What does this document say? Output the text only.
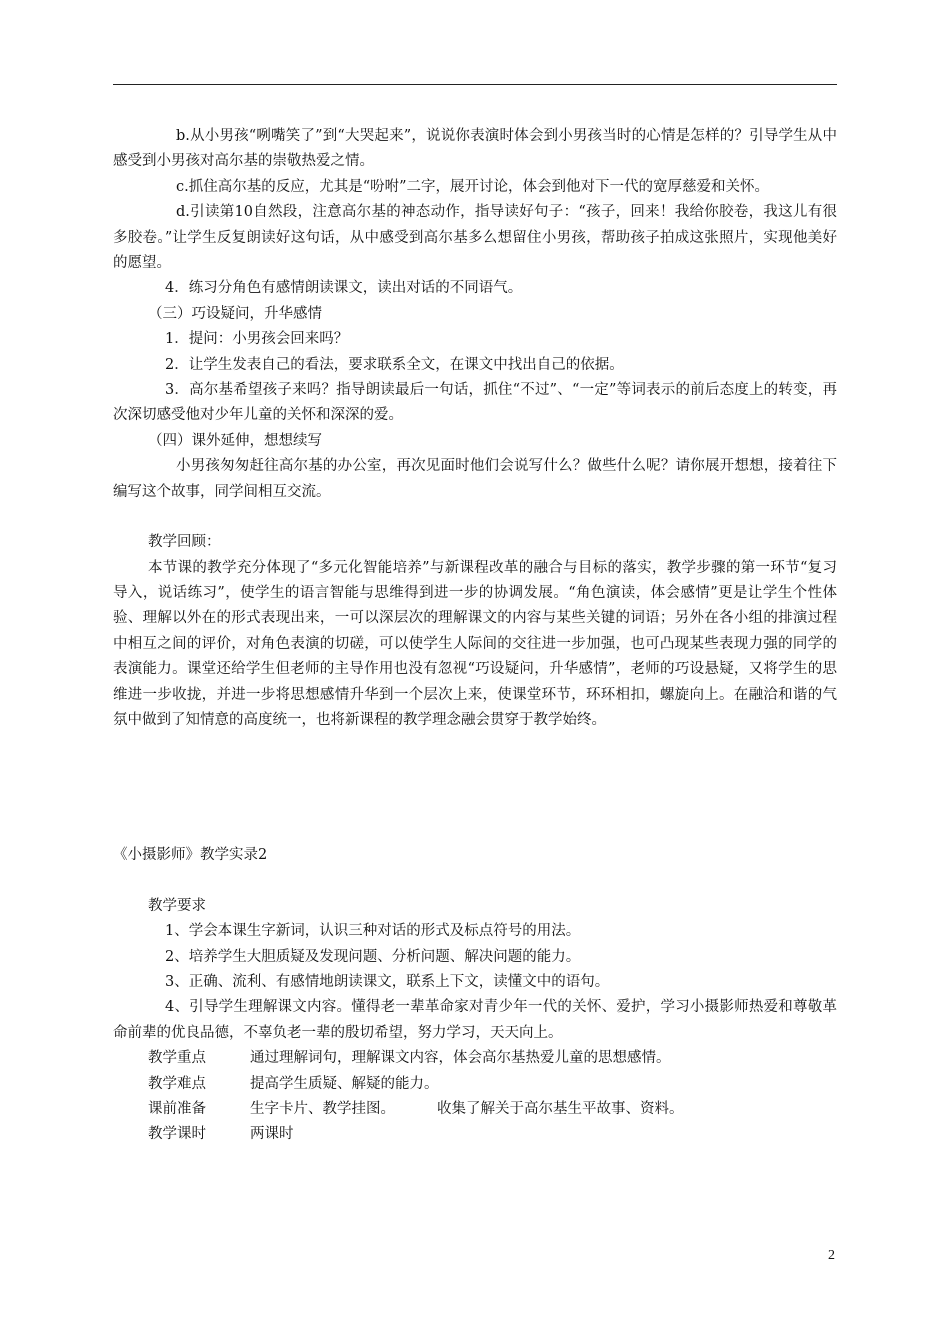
b.从小男孩“咧嘴笑了”到“大哭起来”，说说你表演时体会到小男孩当时的心情是怎样的？引导学生从中感受到小男孩对高尔基的崇敬热爱之情。

c.抓住高尔基的反应，尤其是“吩咐”二字，展开讨论，体会到他对下一代的宽厚慈爱和关怀。

d.引读第10自然段，注意高尔基的神态动作，指导读好句子：“孩子，回来！我给你胶卷，我这儿有很多胶卷。”让学生反复朗读好这句话，从中感受到高尔基多么想留住小男孩，帮助孩子拍成这张照片，实现他美好的愿望。

4．练习分角色有感情朗读课文，读出对话的不同语气。

（三）巧设疑问，升华感情

1．提问：小男孩会回来吗？

2．让学生发表自己的看法，要求联系全文，在课文中找出自己的依据。

3．高尔基希望孩子来吗？指导朗读最后一句话，抓住“不过”、“一定”等词表示的前后态度上的转变，再次深切感受他对少年儿童的关怀和深深的爱。

（四）课外延伸，想想续写

小男孩匆匆赶往高尔基的办公室，再次见面时他们会说写什么？做些什么呢？请你展开想想，接着往下编写这个故事，同学间相互交流。

教学回顾：

本节课的教学充分体现了“多元化智能培养”与新课程改革的融合与目标的落实，教学步骤的第一环节“复习导入，说话练习”，使学生的语言智能与思维得到进一步的协调发展。“角色演读，体会感情”更是让学生个性体验、理解以外在的形式表现出来，一可以深层次的理解课文的内容与某些关键的词语；另外在各小组的排演过程中相互之间的评价，对角色表演的切磋，可以使学生人际间的交往进一步加强，也可凸现某些表现力强的同学的表演能力。课堂还给学生但老师的主导作用也没有忽视“巧设疑问，升华感情”，老师的巧设悬疑，又将学生的思维进一步收拢，并进一步将思想感情升华到一个层次上来，使课堂环节，环环相扣，螺旋向上。在融洽和谐的气氛中做到了知情意的高度统一，也将新课程的教学理念融会贯穿于教学始终。

《小摄影师》教学实录2

教学要求

1、学会本课生字新词，认识三种对话的形式及标点符号的用法。

2、培养学生大胆质疑及发现问题、分析问题、解决问题的能力。

3、正确、流利、有感情地朗读课文，联系上下文，读懂文中的语句。

4、引导学生理解课文内容。懂得老一辈革命家对青少年一代的关怀、爱护，学习小摄影师热爱和尊敬革命前辈的优良品德，不辜负老一辈的殷切希望，努力学习，天天向上。

教学重点	通过理解词句，理解课文内容，体会高尔基热爱儿童的思想感情。

教学难点	提高学生质疑、解疑的能力。

课前准备	生字卡片、教学挂图。	收集了解关于高尔基生平故事、资料。

教学课时	两课时

2
